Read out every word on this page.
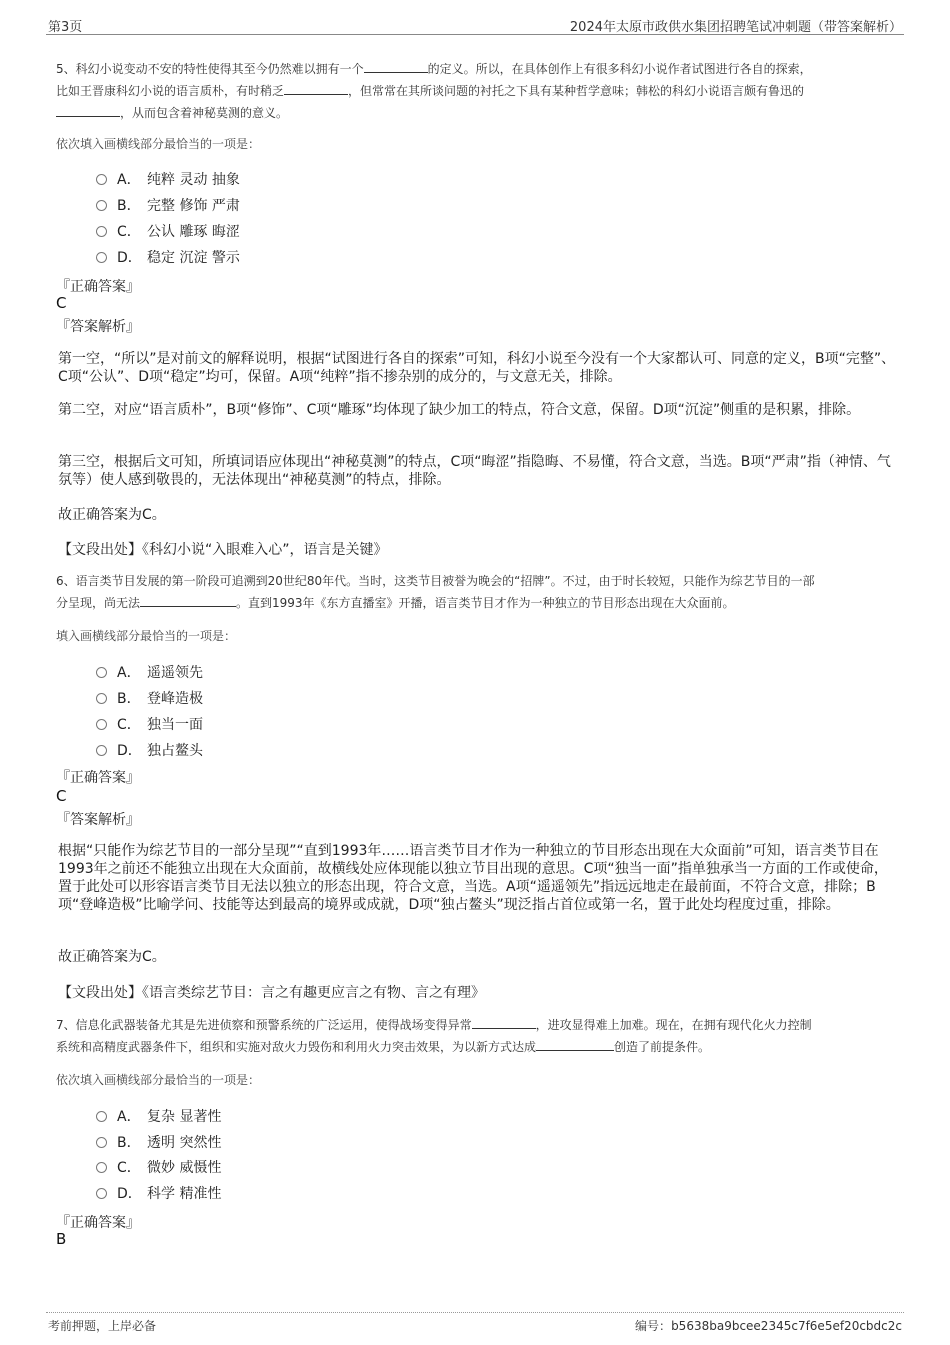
第3页	2024年太原市政供水集团招聘笔试冲刺题（带答案解析）
5、科幻小说变动不安的特性使得其至今仍然难以拥有一个	的定义。所以，在具体创作上有很多科幻小说作者试图进行各自的探索，
比如王晋康科幻小说的语言质朴，有时稍乏	，但常常在其所谈问题的衬托之下具有某种哲学意味；韩松的科幻小说语言颇有鲁迅的
，从而包含着神秘莫测的意义。
依次填入画横线部分最恰当的一项是：
A． 纯粹 灵动 抽象
B． 完整 修饰 严肃
C． 公认 雕琢 晦涩
D． 稳定 沉淀 警示
『正确答案』
C
『答案解析』
第一空，“所以”是对前文的解释说明，根据“试图进行各自的探索”可知，科幻小说至今没有一个大家都认可、同意的定义，B项“完整”、C项“公认”、D项“稳定”均可，保留。A项“纯粹”指不掺杂别的成分的，与文意无关，排除。
第二空，对应“语言质朴”，B项“修饰”、C项“雕琢”均体现了缺少加工的特点，符合文意，保留。D项“沉淀”侧重的是积累，排除。
第三空，根据后文可知，所填词语应体现出“神秘莫测”的特点，C项“晦涩”指隐晦、不易懂，符合文意，当选。B项“严肃”指（神情、气氛等）使人感到敬畏的，无法体现出“神秘莫测”的特点，排除。
故正确答案为C。
【文段出处】《科幻小说“入眼难入心”，语言是关键》
6、语言类节目发展的第一阶段可追溯到20世纪80年代。当时，这类节目被誉为晚会的“招牌”。不过，由于时长较短，只能作为综艺节目的一部
分呈现，尚无法	。直到1993年《东方直播室》开播，语言类节目才作为一种独立的节目形态出现在大众面前。
填入画横线部分最恰当的一项是：
A． 遥遥领先
B． 登峰造极
C． 独当一面
D． 独占鳌头
『正确答案』
C
『答案解析』
根据“只能作为综艺节目的一部分呈现”“直到1993年……语言类节目才作为一种独立的节目形态出现在大众面前”可知，语言类节目在1993年之前还不能独立出现在大众面前，故横线处应体现能以独立节目出现的意思。C项“独当一面”指单独承当一方面的工作或使命，置于此处可以形容语言类节目无法以独立的形态出现，符合文意，当选。A项“遥遥领先”指远远地走在最前面，不符合文意，排除；B项“登峰造极”比喻学问、技能等达到最高的境界或成就，D项“独占鳌头”现泛指占首位或第一名，置于此处均程度过重，排除。
故正确答案为C。
【文段出处】《语言类综艺节目：言之有趣更应言之有物、言之有理》
7、信息化武器装备尤其是先进侦察和预警系统的广泛运用，使得战场变得异常	，进攻显得难上加难。现在，在拥有现代化火力控制
系统和高精度武器条件下，组织和实施对敌火力毁伤和利用火力突击效果，为以新方式达成	创造了前提条件。
依次填入画横线部分最恰当的一项是：
A． 复杂 显著性
B． 透明 突然性
C． 微妙 威慑性
D． 科学 精准性
『正确答案』
B
考前押题，上岸必备	编号：b5638ba9bcee2345c7f6e5ef20cbdc2c
